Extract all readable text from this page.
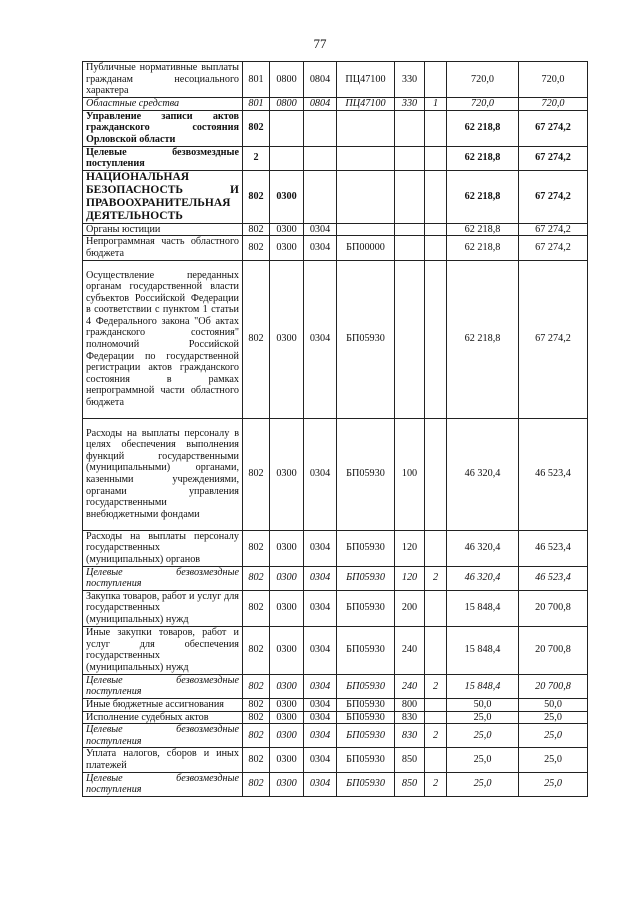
77
Публичные нормативные выплаты гражданам несоциального характера	801	0800	0804	ПЦ47100	330		720,0	720,0
Областные средства	801	0800	0804	ПЦ47100	330	1	720,0	720,0
Управление записи актов гражданского состояния Орловской области	802						62 218,8	67 274,2
Целевые безвозмездные поступления	2						62 218,8	67 274,2
НАЦИОНАЛЬНАЯ БЕЗОПАСНОСТЬ И ПРАВООХРАНИТЕЛЬНАЯ ДЕЯТЕЛЬНОСТЬ	802	0300					62 218,8	67 274,2
Органы юстиции	802	0300	0304				62 218,8	67 274,2
Непрограммная часть областного бюджета	802	0300	0304	БП00000			62 218,8	67 274,2
Осуществление переданных органам государственной власти субъектов Российской Федерации в соответствии с пунктом 1 статьи 4 Федерального закона "Об актах гражданского состояния" полномочий Российской Федерации по государственной регистрации актов гражданского состояния в рамках непрограммной части областного бюджета	802	0300	0304	БП05930			62 218,8	67 274,2
Расходы на выплаты персоналу в целях обеспечения выполнения функций государственными (муниципальными) органами, казенными учреждениями, органами управления государственными внебюджетными фондами	802	0300	0304	БП05930	100		46 320,4	46 523,4
Расходы на выплаты персоналу государственных (муниципальных) органов	802	0300	0304	БП05930	120		46 320,4	46 523,4
Целевые безвозмездные поступления	802	0300	0304	БП05930	120	2	46 320,4	46 523,4
Закупка товаров, работ и услуг для государственных (муниципальных) нужд	802	0300	0304	БП05930	200		15 848,4	20 700,8
Иные закупки товаров, работ и услуг для обеспечения государственных (муниципальных) нужд	802	0300	0304	БП05930	240		15 848,4	20 700,8
Целевые безвозмездные поступления	802	0300	0304	БП05930	240	2	15 848,4	20 700,8
Иные бюджетные ассигнования	802	0300	0304	БП05930	800		50,0	50,0
Исполнение судебных актов	802	0300	0304	БП05930	830		25,0	25,0
Целевые безвозмездные поступления	802	0300	0304	БП05930	830	2	25,0	25,0
Уплата налогов, сборов и иных платежей	802	0300	0304	БП05930	850		25,0	25,0
Целевые безвозмездные поступления	802	0300	0304	БП05930	850	2	25,0	25,0
